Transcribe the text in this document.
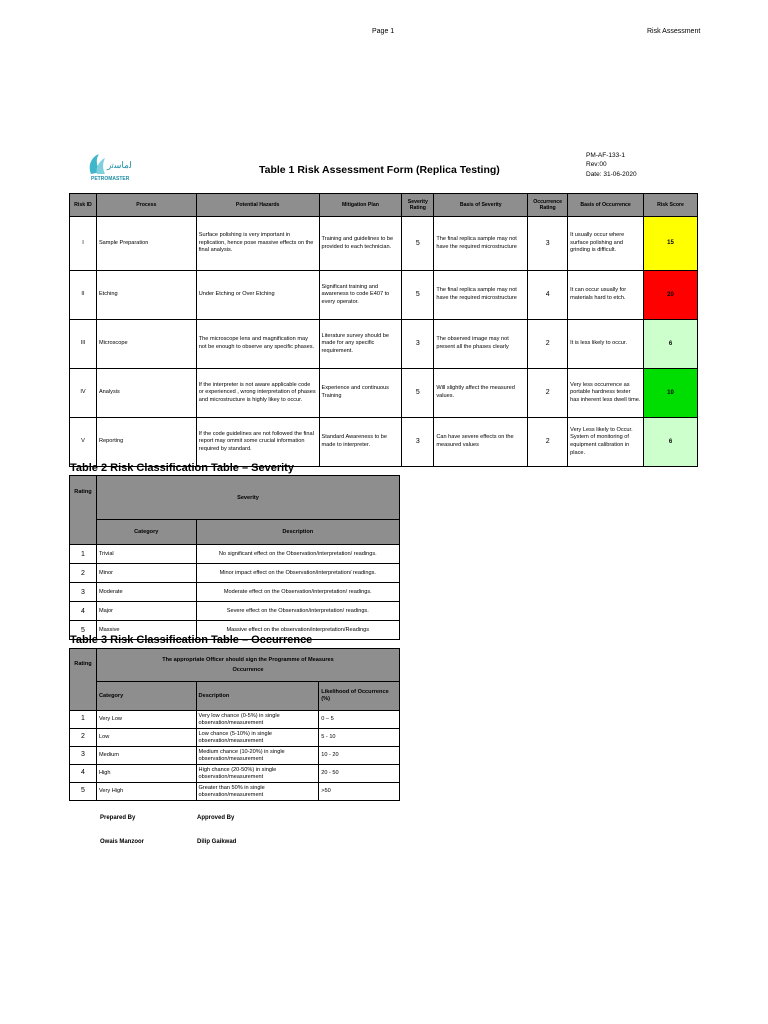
Page 1	Risk Assessment
ﻟﻣﺎﺳﺗﺭ
PETROMASTER
Table 1 Risk Assessment Form (Replica Testing)
PM-AF-133-1
Rev:00
Date: 31-06-2020
Risk ID	Process	Potential Hazards	Mitigation Plan	Severity Rating	Basis of Severity	Occurrence Rating	Basis of Occurrence	Risk Score
I	Sample Preparation	Surface polishing is very important in replication, hence pose massive effects on the final analysis.	Training and guidelines to be provided to each technician.	5	The final replica sample may not have the required microstructure	3	It usually occur where surface polishing and grinding is difficult.	15
II	Etching	Under Etching or Over Etching	Significant training and awareness to code E407 to every operator.	5	The final replica sample may not have the required microstructure	4	It can occur usually for materials hard to etch.	20
III	Microscope	The microscope lens and magnification may not be enough to observe any specific phases.	Literature survey should be made for any specific requirement.	3	The observed image may not present all the phases clearly	2	It is less likely to occur.	6
IV	Analysis	If the interpreter is not aware applicable code or experienced , wrong interpretation of phases and microstructure is highly likey to occur.	Experience and continuous Training	5	Will slightly affect the measured values.	2	Very less occurrence as portable hardness tester has inherent less dwell time.	10
V	Reporting	If the code guidelines are not followed the final report may ommit some crucial information required by standard.	Standard Awareness to be made to interpreter.	3	Can have severe effects on the measured values	2	Very Less likely to Occur. System of monitoring of equipment calibration in place.	6
Table 2 Risk Classification Table – Severity
Rating	Severity	
	Category	Description
1	Trivial	No significant effect on the Observation/interpretation/ readings.
2	Minor	Minor impact effect on the Observation/interpretation/ readings.
3	Moderate	Moderate effect on the Observation/interpretation/ readings.
4	Major	Severe effect on the Observation/interpretation/ readings.
5	Massive	Massive effect on the observation/interpretation/Readings
Table 3 Risk Classification Table – Occurrence
Rating	The appropriate Officer should sign the Programme of Measures
Occurrence		

	Category	Description	Likelihood of Occurrence (%)
1	Very Low	Very low chance (0-5%) in single observation/measurement	0 – 5
2	Low	Low chance (5-10%) in single observation/measurement	5 - 10
3	Medium	Medium chance (10-20%) in single observation/measurement	10 - 20
4	High	High chance (20-50%) in single observation/measurement	20 - 50
5	Very High	Greater than 50% in single observation/measurement	>50
Prepared By	Approved By
Owais Manzoor	Dilip Gaikwad
